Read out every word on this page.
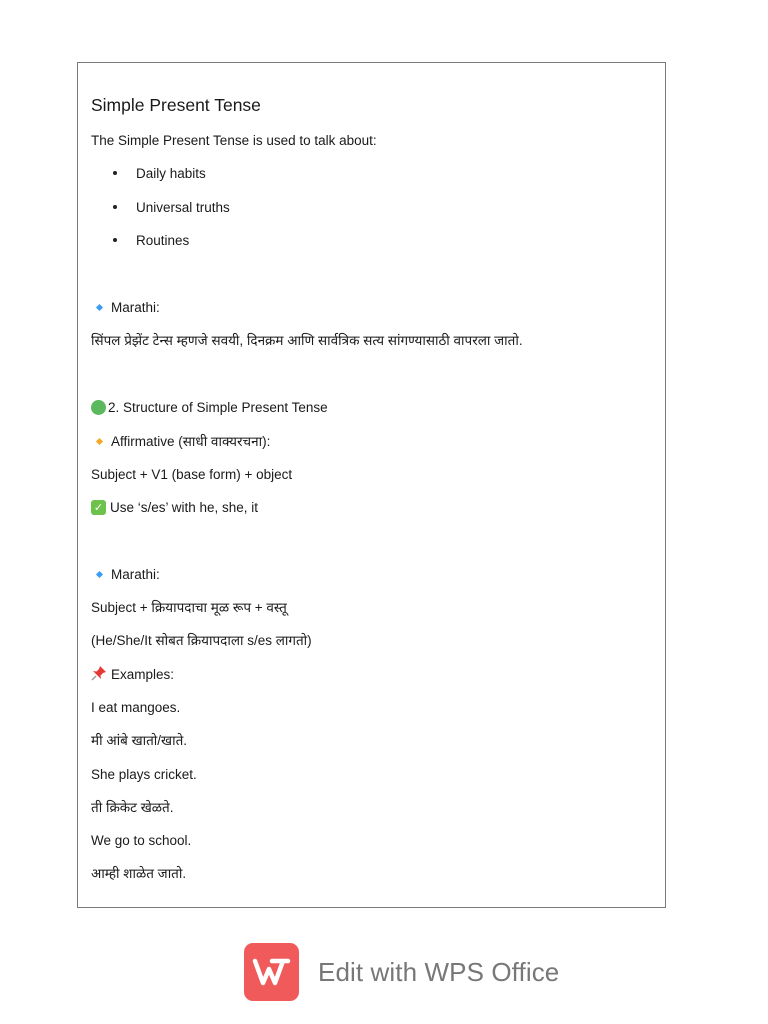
Simple Present Tense
The Simple Present Tense is used to talk about:
Daily habits
Universal truths
Routines
Marathi:
सिंपल प्रेझेंट टेन्स म्हणजे सवयी, दिनक्रम आणि सार्वत्रिक सत्य सांगण्यासाठी वापरला जातो.
2. Structure of Simple Present Tense
Affirmative (साधी वाक्यरचना):
Subject + V1 (base form) + object
✓ Use ‘s/es’ with he, she, it
Marathi:
Subject + क्रियापदाचा मूळ रूप + वस्तू
(He/She/It सोबत क्रियापदाला s/es लागतो)
Examples:
I eat mangoes.
मी आंबे खातो/खाते.
She plays cricket.
ती क्रिकेट खेळते.
We go to school.
आम्ही शाळेत जातो.
Edit with WPS Office
